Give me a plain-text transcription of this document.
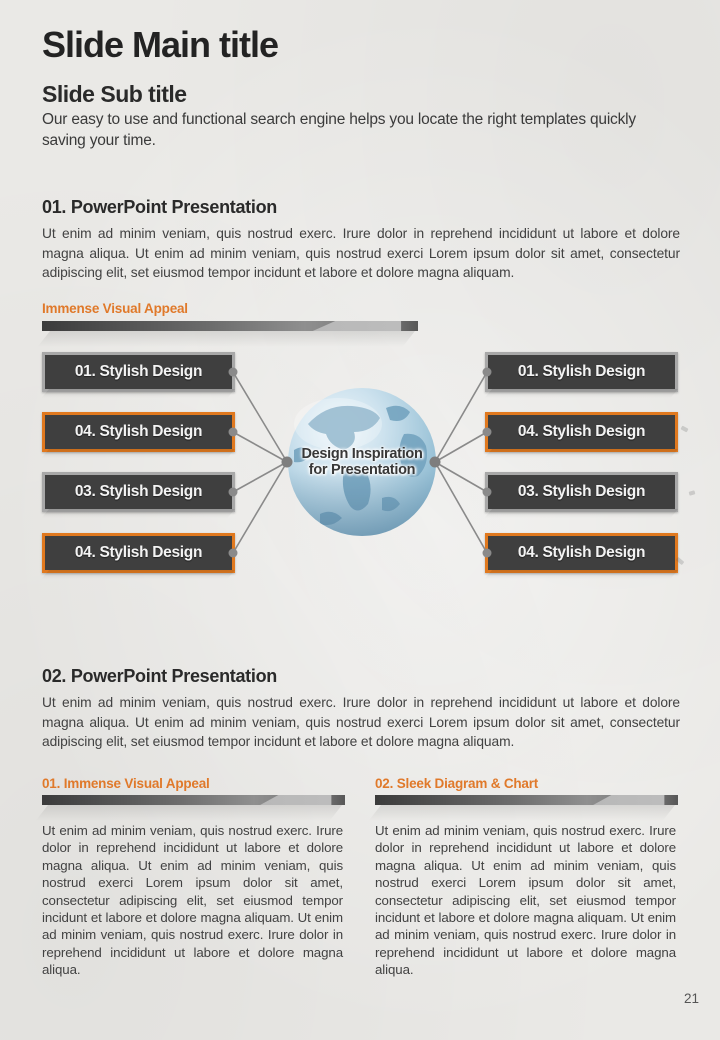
Slide Main title
Slide Sub title

Our easy to use and functional search engine helps you locate the right templates quickly saving your time.

01. PowerPoint Presentation

Ut enim ad minim veniam, quis nostrud exerc. Irure dolor in reprehend incididunt ut labore et dolore magna aliqua. Ut enim ad minim veniam, quis nostrud exerci Lorem ipsum dolor sit amet, consectetur adipiscing elit, set eiusmod tempor incidunt et labore et dolore magna aliquam.

Immense Visual Appeal
01. Stylish Design
04. Stylish Design
03. Stylish Design
04. Stylish Design
01. Stylish Design
04. Stylish Design
03. Stylish Design
04. Stylish Design
Design Inspiration for Presentation
02. PowerPoint Presentation

Ut enim ad minim veniam, quis nostrud exerc. Irure dolor in reprehend incididunt ut labore et dolore magna aliqua. Ut enim ad minim veniam, quis nostrud exerci Lorem ipsum dolor sit amet, consectetur adipiscing elit, set eiusmod tempor incidunt et labore et dolore magna aliquam.

01. Immense Visual Appeal

Ut enim ad minim veniam, quis nostrud exerc. Irure dolor in reprehend incididunt ut labore et dolore magna aliqua. Ut enim ad minim veniam, quis nostrud exerci Lorem ipsum dolor sit amet, consectetur adipiscing elit, set eiusmod tempor incidunt et labore et dolore magna aliquam. Ut enim ad minim veniam, quis nostrud exerc. Irure dolor in reprehend incididunt ut labore et dolore magna aliqua.

02. Sleek Diagram & Chart

Ut enim ad minim veniam, quis nostrud exerc. Irure dolor in reprehend incididunt ut labore et dolore magna aliqua. Ut enim ad minim veniam, quis nostrud exerci Lorem ipsum dolor sit amet, consectetur adipiscing elit, set eiusmod tempor incidunt et labore et dolore magna aliquam. Ut enim ad minim veniam, quis nostrud exerc. Irure dolor in reprehend incididunt ut labore et dolore magna aliqua.

21
